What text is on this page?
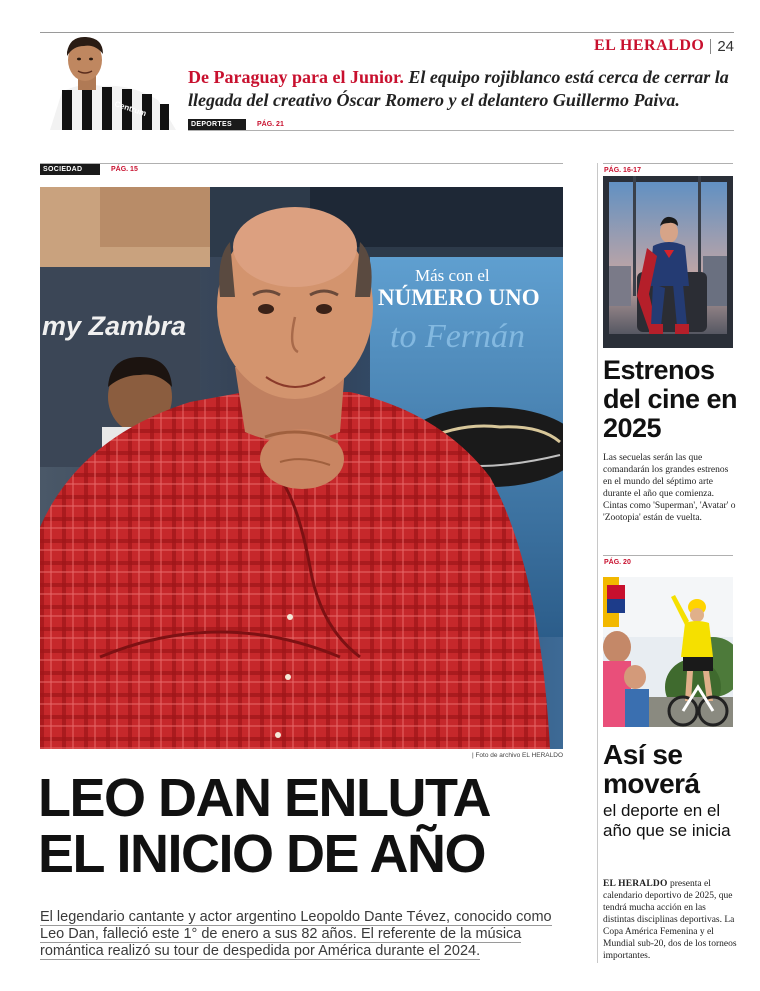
EL HERALDO 24
Centrum
De Paraguay para el Junior. El equipo rojiblanco está cerca de cerrar la llegada del creativo Óscar Romero y el delantero Guillermo Paiva.
DEPORTES	PÁG. 21
SOCIEDAD	PÁG. 15
Más con el
NÚMERO UNO
to Fernán
my Zambra
| Foto de archivo EL HERALDO
LEO DAN ENLUTA
EL INICIO DE AÑO
El legendario cantante y actor argentino Leopoldo Dante Tévez, conocido como Leo Dan, falleció este 1° de enero a sus 82 años. El referente de la música romántica realizó su tour de despedida por América durante el 2024.
PÁG. 16-17
Estrenos del cine en 2025
Las secuelas serán las que comandarán los grandes estrenos en el mundo del séptimo arte durante el año que comienza. Cintas como 'Superman', 'Avatar' o 'Zootopia' están de vuelta.
PÁG. 20
Así se moverá
el deporte en el año que se inicia
EL HERALDO presenta el calendario deportivo de 2025, que tendrá mucha acción en las distintas disciplinas deportivas. La Copa América Femenina y el Mundial sub-20, dos de los torneos importantes.
